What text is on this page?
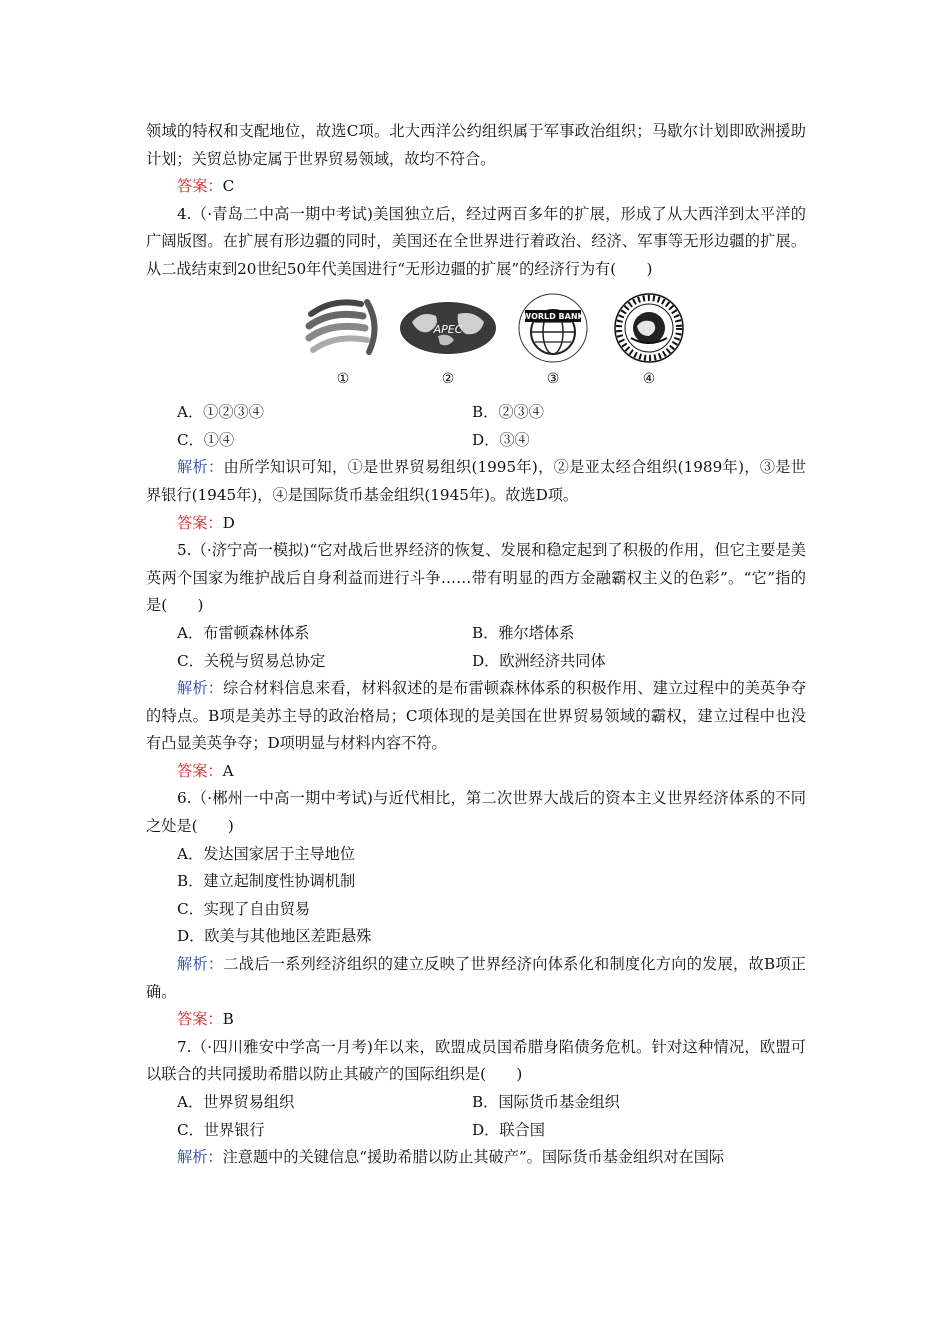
领域的特权和支配地位，故选C项。北大西洋公约组织属于军事政治组织；马歇尔计划即欧洲援助计划；关贸总协定属于世界贸易领域，故均不符合。

答案：C

4.（·青岛二中高一期中考试)美国独立后，经过两百多年的扩展，形成了从大西洋到太平洋的广阔版图。在扩展有形边疆的同时，美国还在全世界进行着政治、经济、军事等无形边疆的扩展。从二战结束到20世纪50年代美国进行“无形边疆的扩展”的经济行为有(　　)

①
APEC
②
WORLD BANK
③	④
A．①②③④	B．②③④
C．①④	D．③④

解析：由所学知识可知，①是世界贸易组织(1995年)，②是亚太经合组织(1989年)，③是世界银行(1945年)，④是国际货币基金组织(1945年)。故选D项。

答案：D

5.（·济宁高一模拟)“它对战后世界经济的恢复、发展和稳定起到了积极的作用，但它主要是美英两个国家为维护战后自身利益而进行斗争……带有明显的西方金融霸权主义的色彩”。“它”指的是(　　)

A．布雷顿森林体系	B．雅尔塔体系
C．关税与贸易总协定	D．欧洲经济共同体

解析：综合材料信息来看，材料叙述的是布雷顿森林体系的积极作用、建立过程中的美英争夺的特点。B项是美苏主导的政治格局；C项体现的是美国在世界贸易领域的霸权，建立过程中也没有凸显美英争夺；D项明显与材料内容不符。

答案：A

6.（·郴州一中高一期中考试)与近代相比，第二次世界大战后的资本主义世界经济体系的不同之处是(　　)

A．发达国家居于主导地位
B．建立起制度性协调机制
C．实现了自由贸易
D．欧美与其他地区差距悬殊

解析：二战后一系列经济组织的建立反映了世界经济向体系化和制度化方向的发展，故B项正确。

答案：B

7.（·四川雅安中学高一月考)年以来，欧盟成员国希腊身陷债务危机。针对这种情况，欧盟可以联合的共同援助希腊以防止其破产的国际组织是(　　)

A．世界贸易组织	B．国际货币基金组织
C．世界银行	D．联合国

解析：注意题中的关键信息“援助希腊以防止其破产”。国际货币基金组织对在国际
